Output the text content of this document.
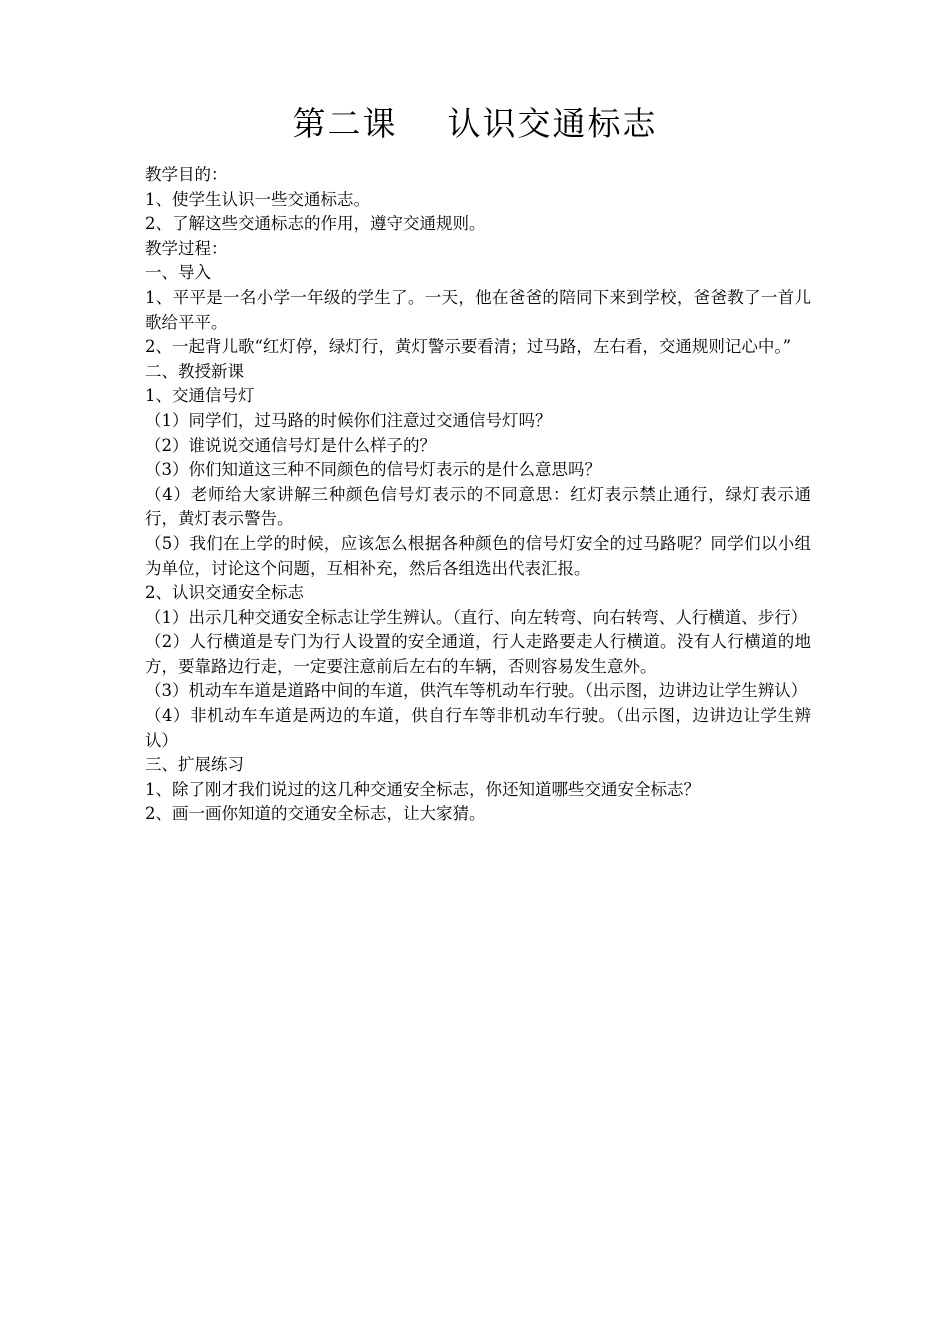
第二课    认识交通标志

教学目的：

1、使学生认识一些交通标志。

2、了解这些交通标志的作用，遵守交通规则。

教学过程：

一、导入

1、平平是一名小学一年级的学生了。一天，他在爸爸的陪同下来到学校，爸爸教了一首儿歌给平平。

2、一起背儿歌“红灯停，绿灯行，黄灯警示要看清；过马路，左右看，交通规则记心中。”

二、教授新课

1、交通信号灯

（1）同学们，过马路的时候你们注意过交通信号灯吗？

（2）谁说说交通信号灯是什么样子的？

（3）你们知道这三种不同颜色的信号灯表示的是什么意思吗？

（4）老师给大家讲解三种颜色信号灯表示的不同意思：红灯表示禁止通行，绿灯表示通行，黄灯表示警告。

（5）我们在上学的时候，应该怎么根据各种颜色的信号灯安全的过马路呢？同学们以小组为单位，讨论这个问题，互相补充，然后各组选出代表汇报。

2、认识交通安全标志

（1）出示几种交通安全标志让学生辨认。（直行、向左转弯、向右转弯、人行横道、步行）

（2）人行横道是专门为行人设置的安全通道，行人走路要走人行横道。没有人行横道的地方，要靠路边行走，一定要注意前后左右的车辆，否则容易发生意外。

（3）机动车车道是道路中间的车道，供汽车等机动车行驶。（出示图，边讲边让学生辨认）

（4）非机动车车道是两边的车道，供自行车等非机动车行驶。（出示图，边讲边让学生辨认）

三、扩展练习

1、除了刚才我们说过的这几种交通安全标志，你还知道哪些交通安全标志？

2、画一画你知道的交通安全标志，让大家猜。
